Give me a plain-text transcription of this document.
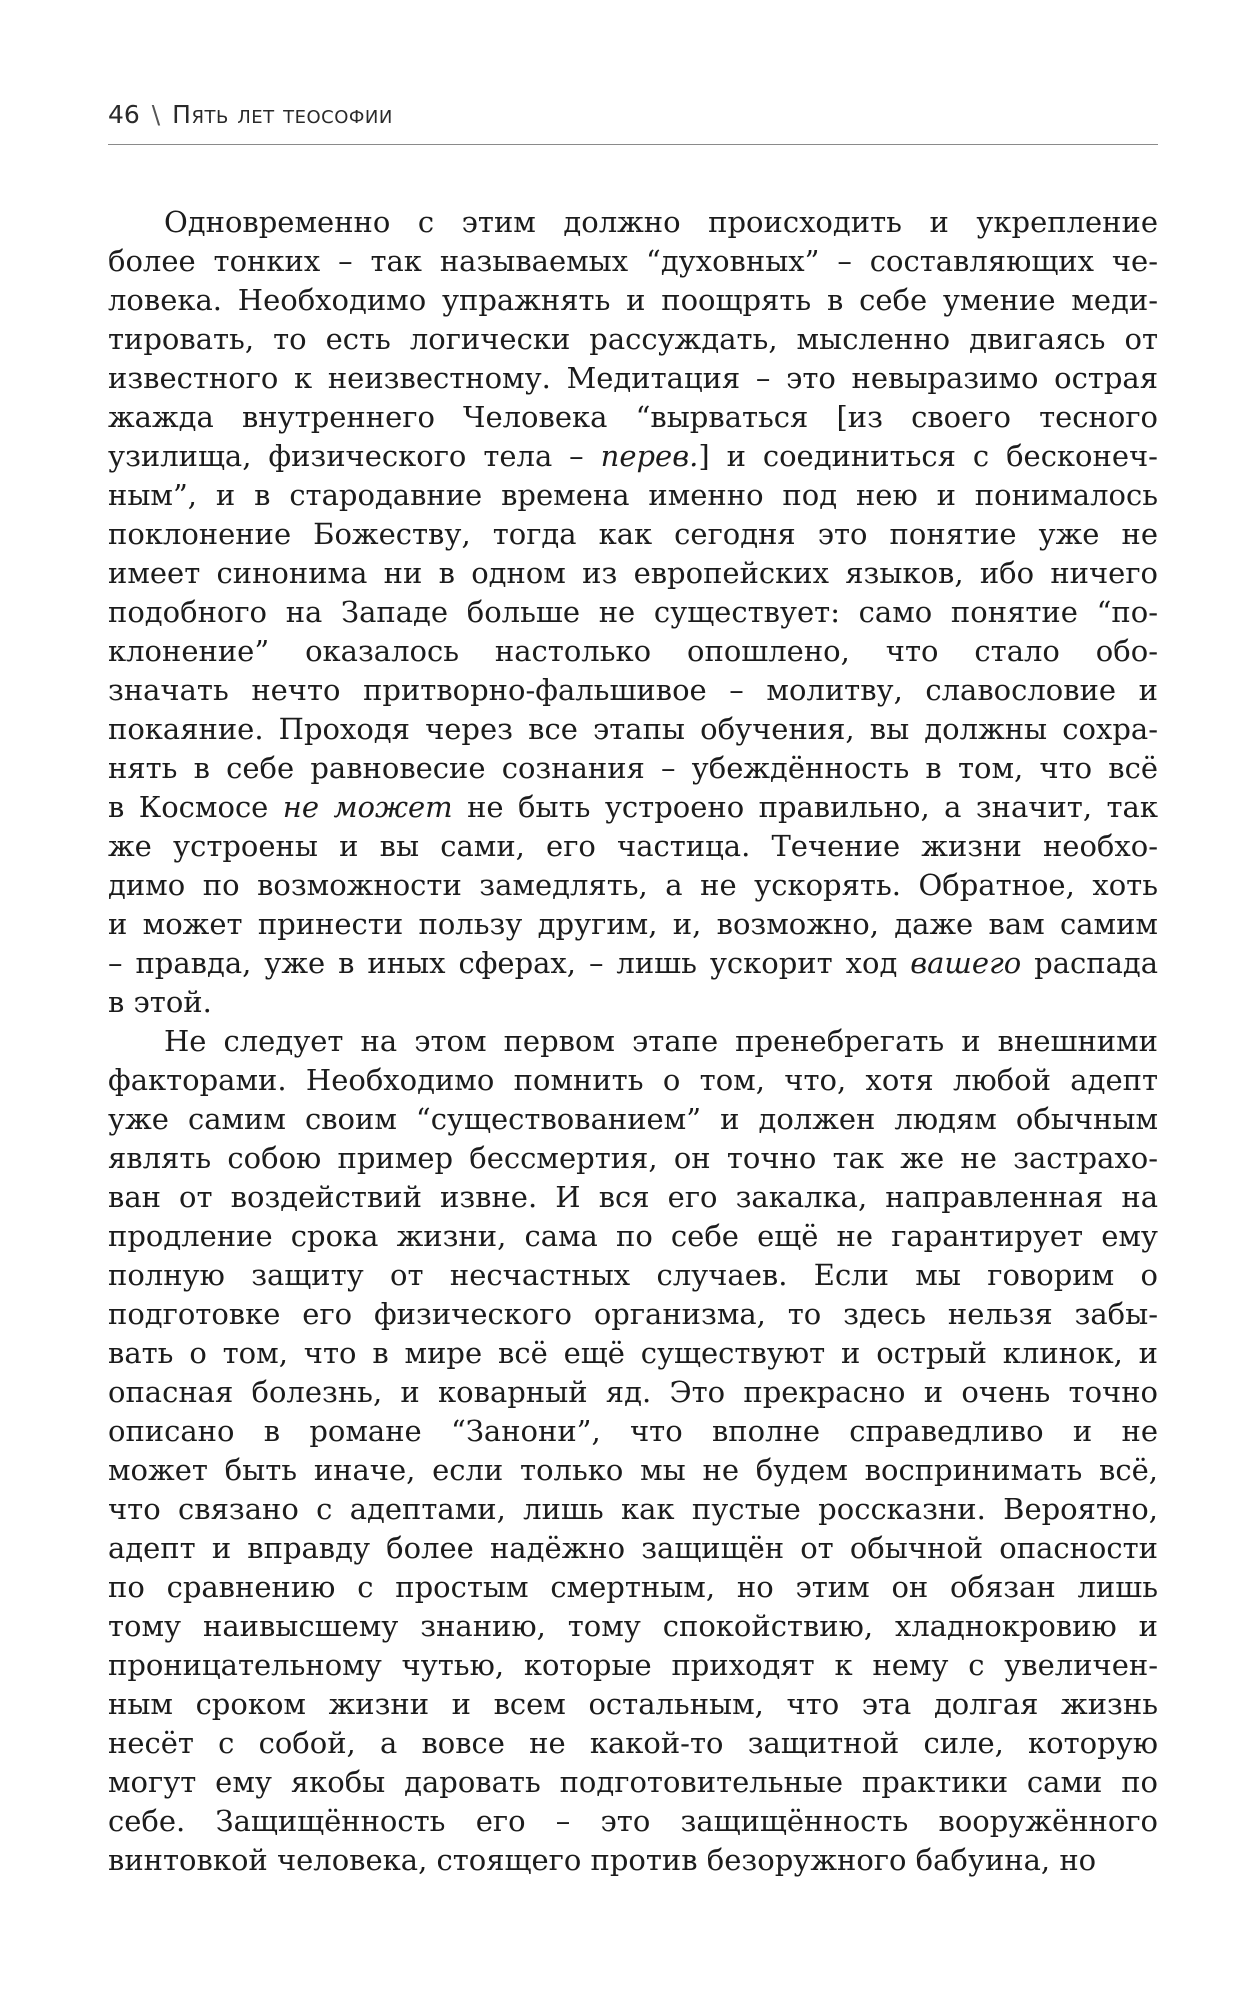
46 \ Пять лет теософии
Одновременно с этим должно происходить и укрепление
более тонких – так называемых “духовных” – составляющих че-
ловека. Необходимо упражнять и поощрять в себе умение меди-
тировать, то есть логически рассуждать, мысленно двигаясь от
известного к неизвестному. Медитация – это невыразимо острая
жажда внутреннего Человека “вырваться [из своего тесного
узилища, физического тела – перев.] и соединиться с бесконеч-
ным”, и в стародавние времена именно под нею и понималось
поклонение Божеству, тогда как сегодня это понятие уже не
имеет синонима ни в одном из европейских языков, ибо ничего
подобного на Западе больше не существует: само понятие “по-
клонение” оказалось настолько опошлено, что стало обо-
значать нечто притворно-фальшивое – молитву, славословие и
покаяние. Проходя через все этапы обучения, вы должны сохра-
нять в себе равновесие сознания – убеждённость в том, что всё
в Космосе не может не быть устроено правильно, а значит, так
же устроены и вы сами, его частица. Течение жизни необхо-
димо по возможности замедлять, а не ускорять. Обратное, хоть
и может принести пользу другим, и, возможно, даже вам самим
– правда, уже в иных сферах, – лишь ускорит ход вашего распада
в этой.
Не следует на этом первом этапе пренебрегать и внешними
факторами. Необходимо помнить о том, что, хотя любой адепт
уже самим своим “существованием” и должен людям обычным
являть собою пример бессмертия, он точно так же не застрахо-
ван от воздействий извне. И вся его закалка, направленная на
продление срока жизни, сама по себе ещё не гарантирует ему
полную защиту от несчастных случаев. Если мы говорим о
подготовке его физического организма, то здесь нельзя забы-
вать о том, что в мире всё ещё существуют и острый клинок, и
опасная болезнь, и коварный яд. Это прекрасно и очень точно
описано в романе “Занони”, что вполне справедливо и не
может быть иначе, если только мы не будем воспринимать всё,
что связано с адептами, лишь как пустые россказни. Вероятно,
адепт и вправду более надёжно защищён от обычной опасности
по сравнению с простым смертным, но этим он обязан лишь
тому наивысшему знанию, тому спокойствию, хладнокровию и
проницательному чутью, которые приходят к нему с увеличен-
ным сроком жизни и всем остальным, что эта долгая жизнь
несёт с собой, а вовсе не какой-то защитной силе, которую
могут ему якобы даровать подготовительные практики сами по
себе. Защищённость его – это защищённость вооружённого
винтовкой человека, стоящего против безоружного бабуина, но
